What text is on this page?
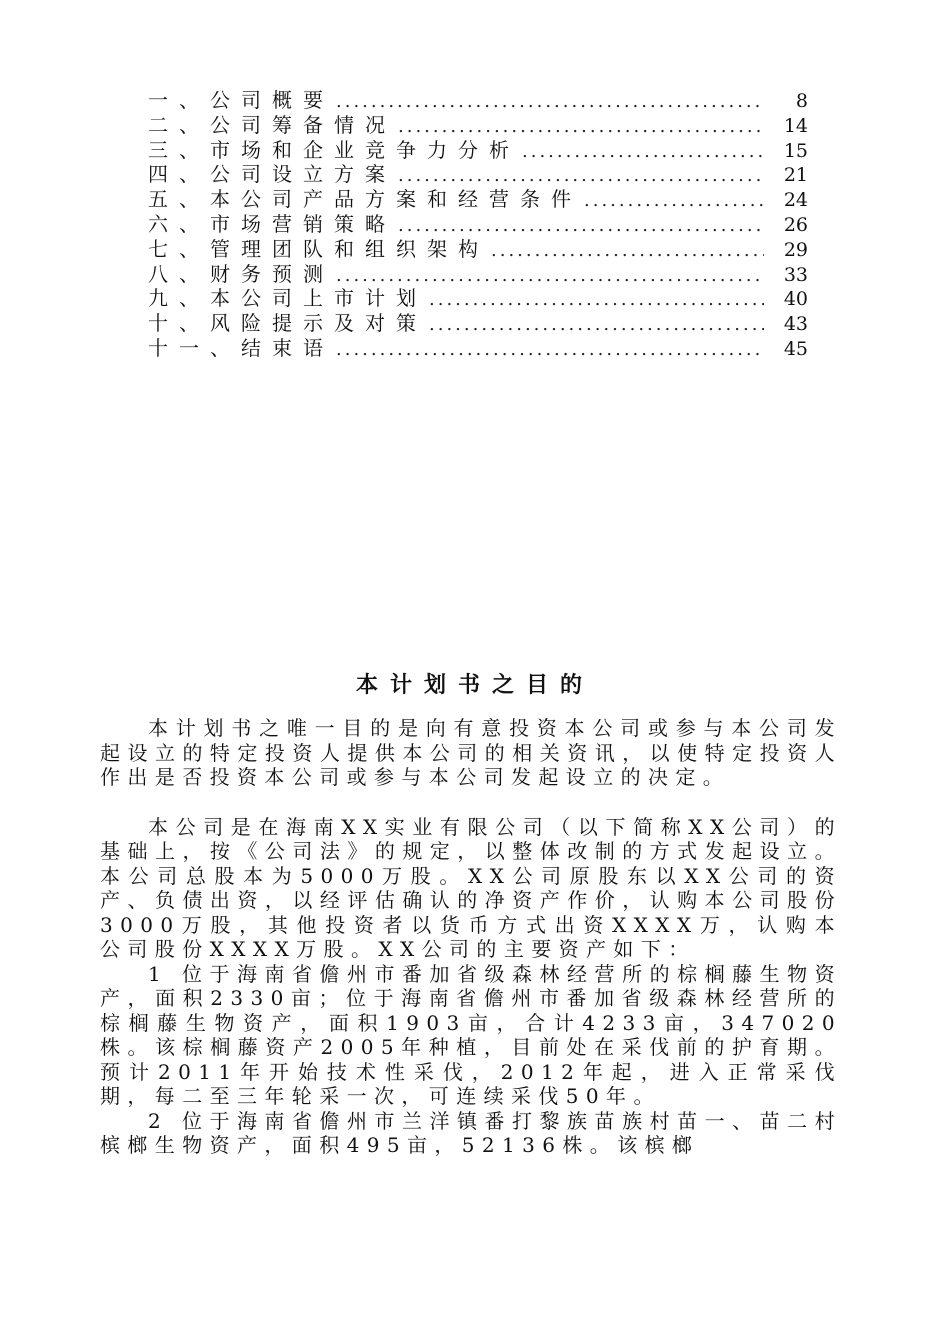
一、公司概要 .....	8
二、公司筹备情况 .....	14
三、市场和企业竞争力分析 .....	15
四、公司设立方案 .....	21
五、本公司产品方案和经营条件 .....	24
六、市场营销策略 .....	26
七、管理团队和组织架构 .....	29
八、财务预测 .....	33
九、本公司上市计划 .....	40
十、风险提示及对策 .....	43
十一、结束语 .....	45
本计划书之目的

本计划书之唯一目的是向有意投资本公司或参与本公司发起设立的特定投资人提供本公司的相关资讯，以使特定投资人作出是否投资本公司或参与本公司发起设立的决定。

本公司是在海南XX实业有限公司（以下简称XX公司）的基础上，按《公司法》的规定，以整体改制的方式发起设立。本公司总股本为5000万股。XX公司原股东以XX公司的资产、负债出资，以经评估确认的净资产作价，认购本公司股份3000万股，其他投资者以货币方式出资XXXX万，认购本公司股份XXXX万股。XX公司的主要资产如下：

1 位于海南省儋州市番加省级森林经营所的棕榈藤生物资产，面积2330亩；位于海南省儋州市番加省级森林经营所的棕榈藤生物资产，面积1903亩，合计4233亩，347020株。该棕榈藤资产2005年种植，目前处在采伐前的护育期。预计2011年开始技术性采伐，2012年起，进入正常采伐期，每二至三年轮采一次，可连续采伐50年。

2 位于海南省儋州市兰洋镇番打黎族苗族村苗一、苗二村槟榔生物资产，面积495亩，52136株。该槟榔
